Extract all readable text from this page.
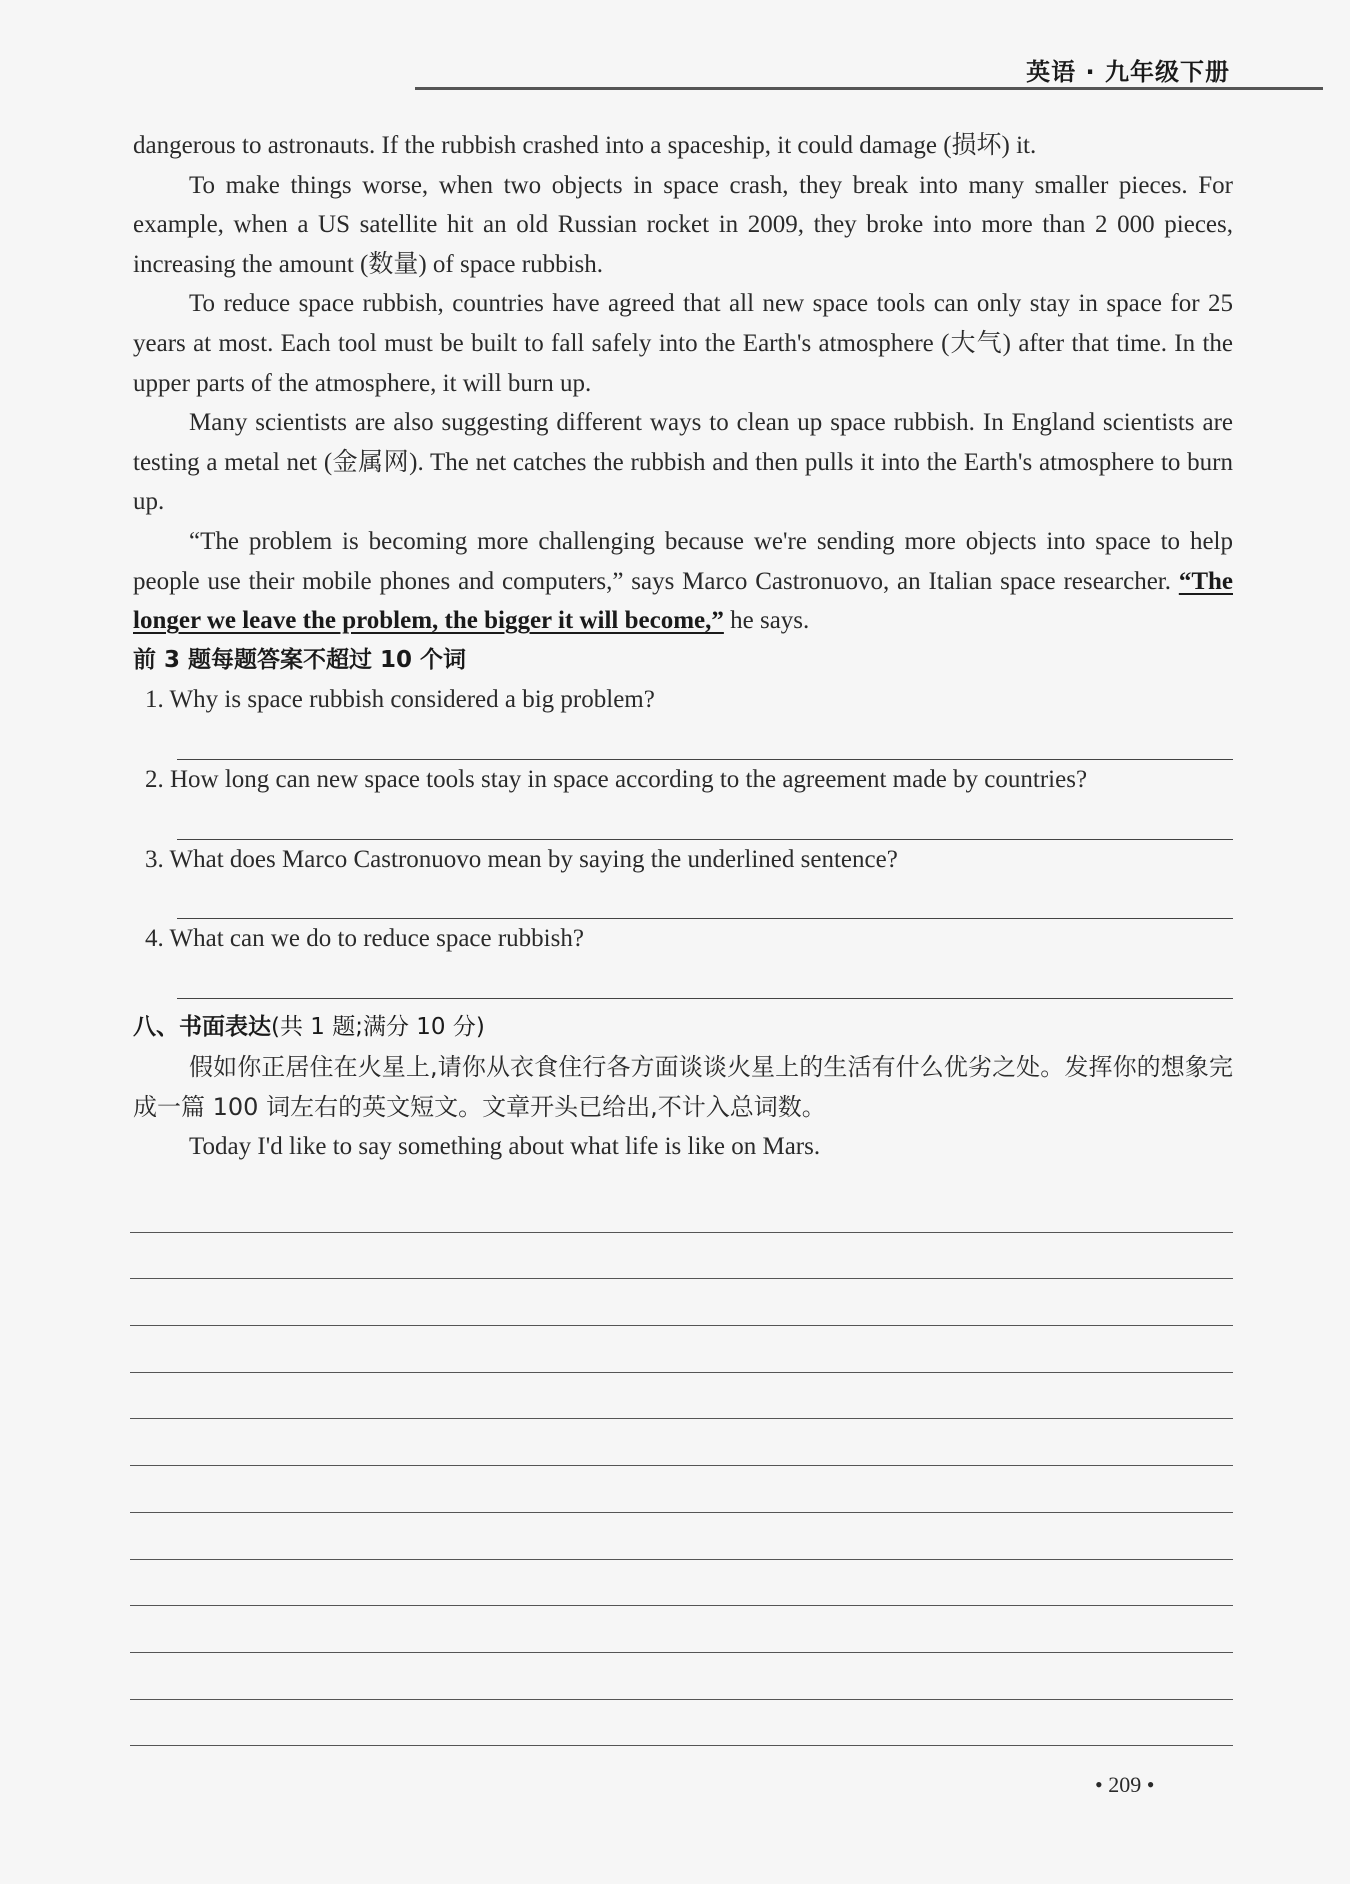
英语 · 九年级下册

dangerous to astronauts. If the rubbish crashed into a spaceship, it could damage (损坏) it.

To make things worse, when two objects in space crash, they break into many smaller pieces. For example, when a US satellite hit an old Russian rocket in 2009, they broke into more than 2 000 pieces, increasing the amount (数量) of space rubbish.

To reduce space rubbish, countries have agreed that all new space tools can only stay in space for 25 years at most. Each tool must be built to fall safely into the Earth's atmosphere (大气) after that time. In the upper parts of the atmosphere, it will burn up.

Many scientists are also suggesting different ways to clean up space rubbish. In England scientists are testing a metal net (金属网). The net catches the rubbish and then pulls it into the Earth's atmosphere to burn up.

“The problem is becoming more challenging because we're sending more objects into space to help people use their mobile phones and computers,” says Marco Castronuovo, an Italian space researcher. “The longer we leave the problem, the bigger it will become,” he says.

前 3 题每题答案不超过 10 个词

1. Why is space rubbish considered a big problem?

2. How long can new space tools stay in space according to the agreement made by countries?

3. What does Marco Castronuovo mean by saying the underlined sentence?

4. What can we do to reduce space rubbish?

八、书面表达(共 1 题;满分 10 分)

假如你正居住在火星上,请你从衣食住行各方面谈谈火星上的生活有什么优劣之处。发挥你的想象完成一篇 100 词左右的英文短文。文章开头已给出,不计入总词数。

Today I'd like to say something about what life is like on Mars.

• 209 •
